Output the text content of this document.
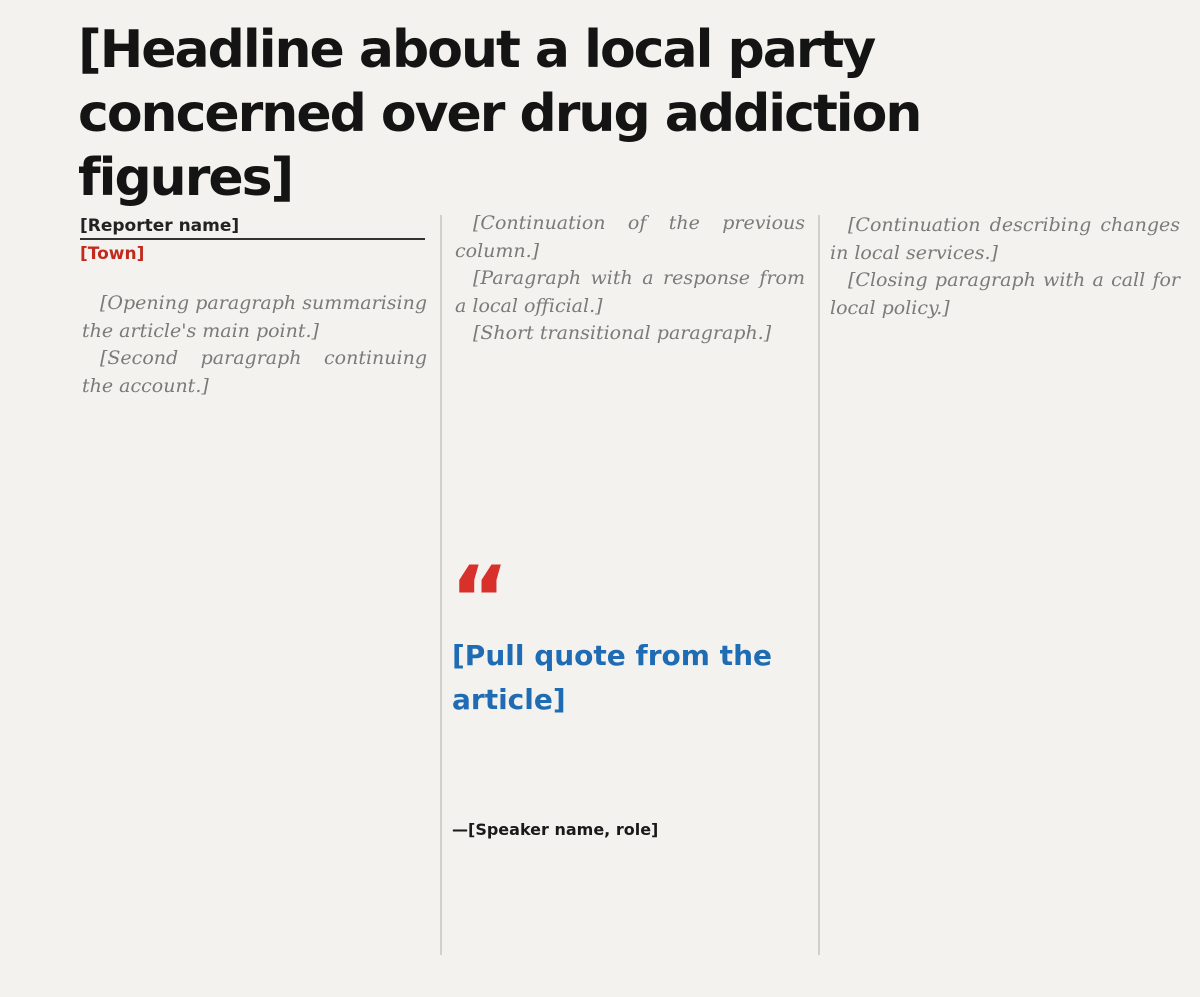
[Headline about a local party concerned over drug addiction figures]
[Reporter name]
[Town]

[Opening paragraph summarising the article's main point.]

[Second paragraph continuing the account.]

[Continuation of the previous column.]

[Paragraph with a response from a local official.]

[Short transitional paragraph.]

“
[Pull quote from the article]
—[Speaker name, role]

[Continuation describing changes in local services.]

[Closing paragraph with a call for local policy.]
